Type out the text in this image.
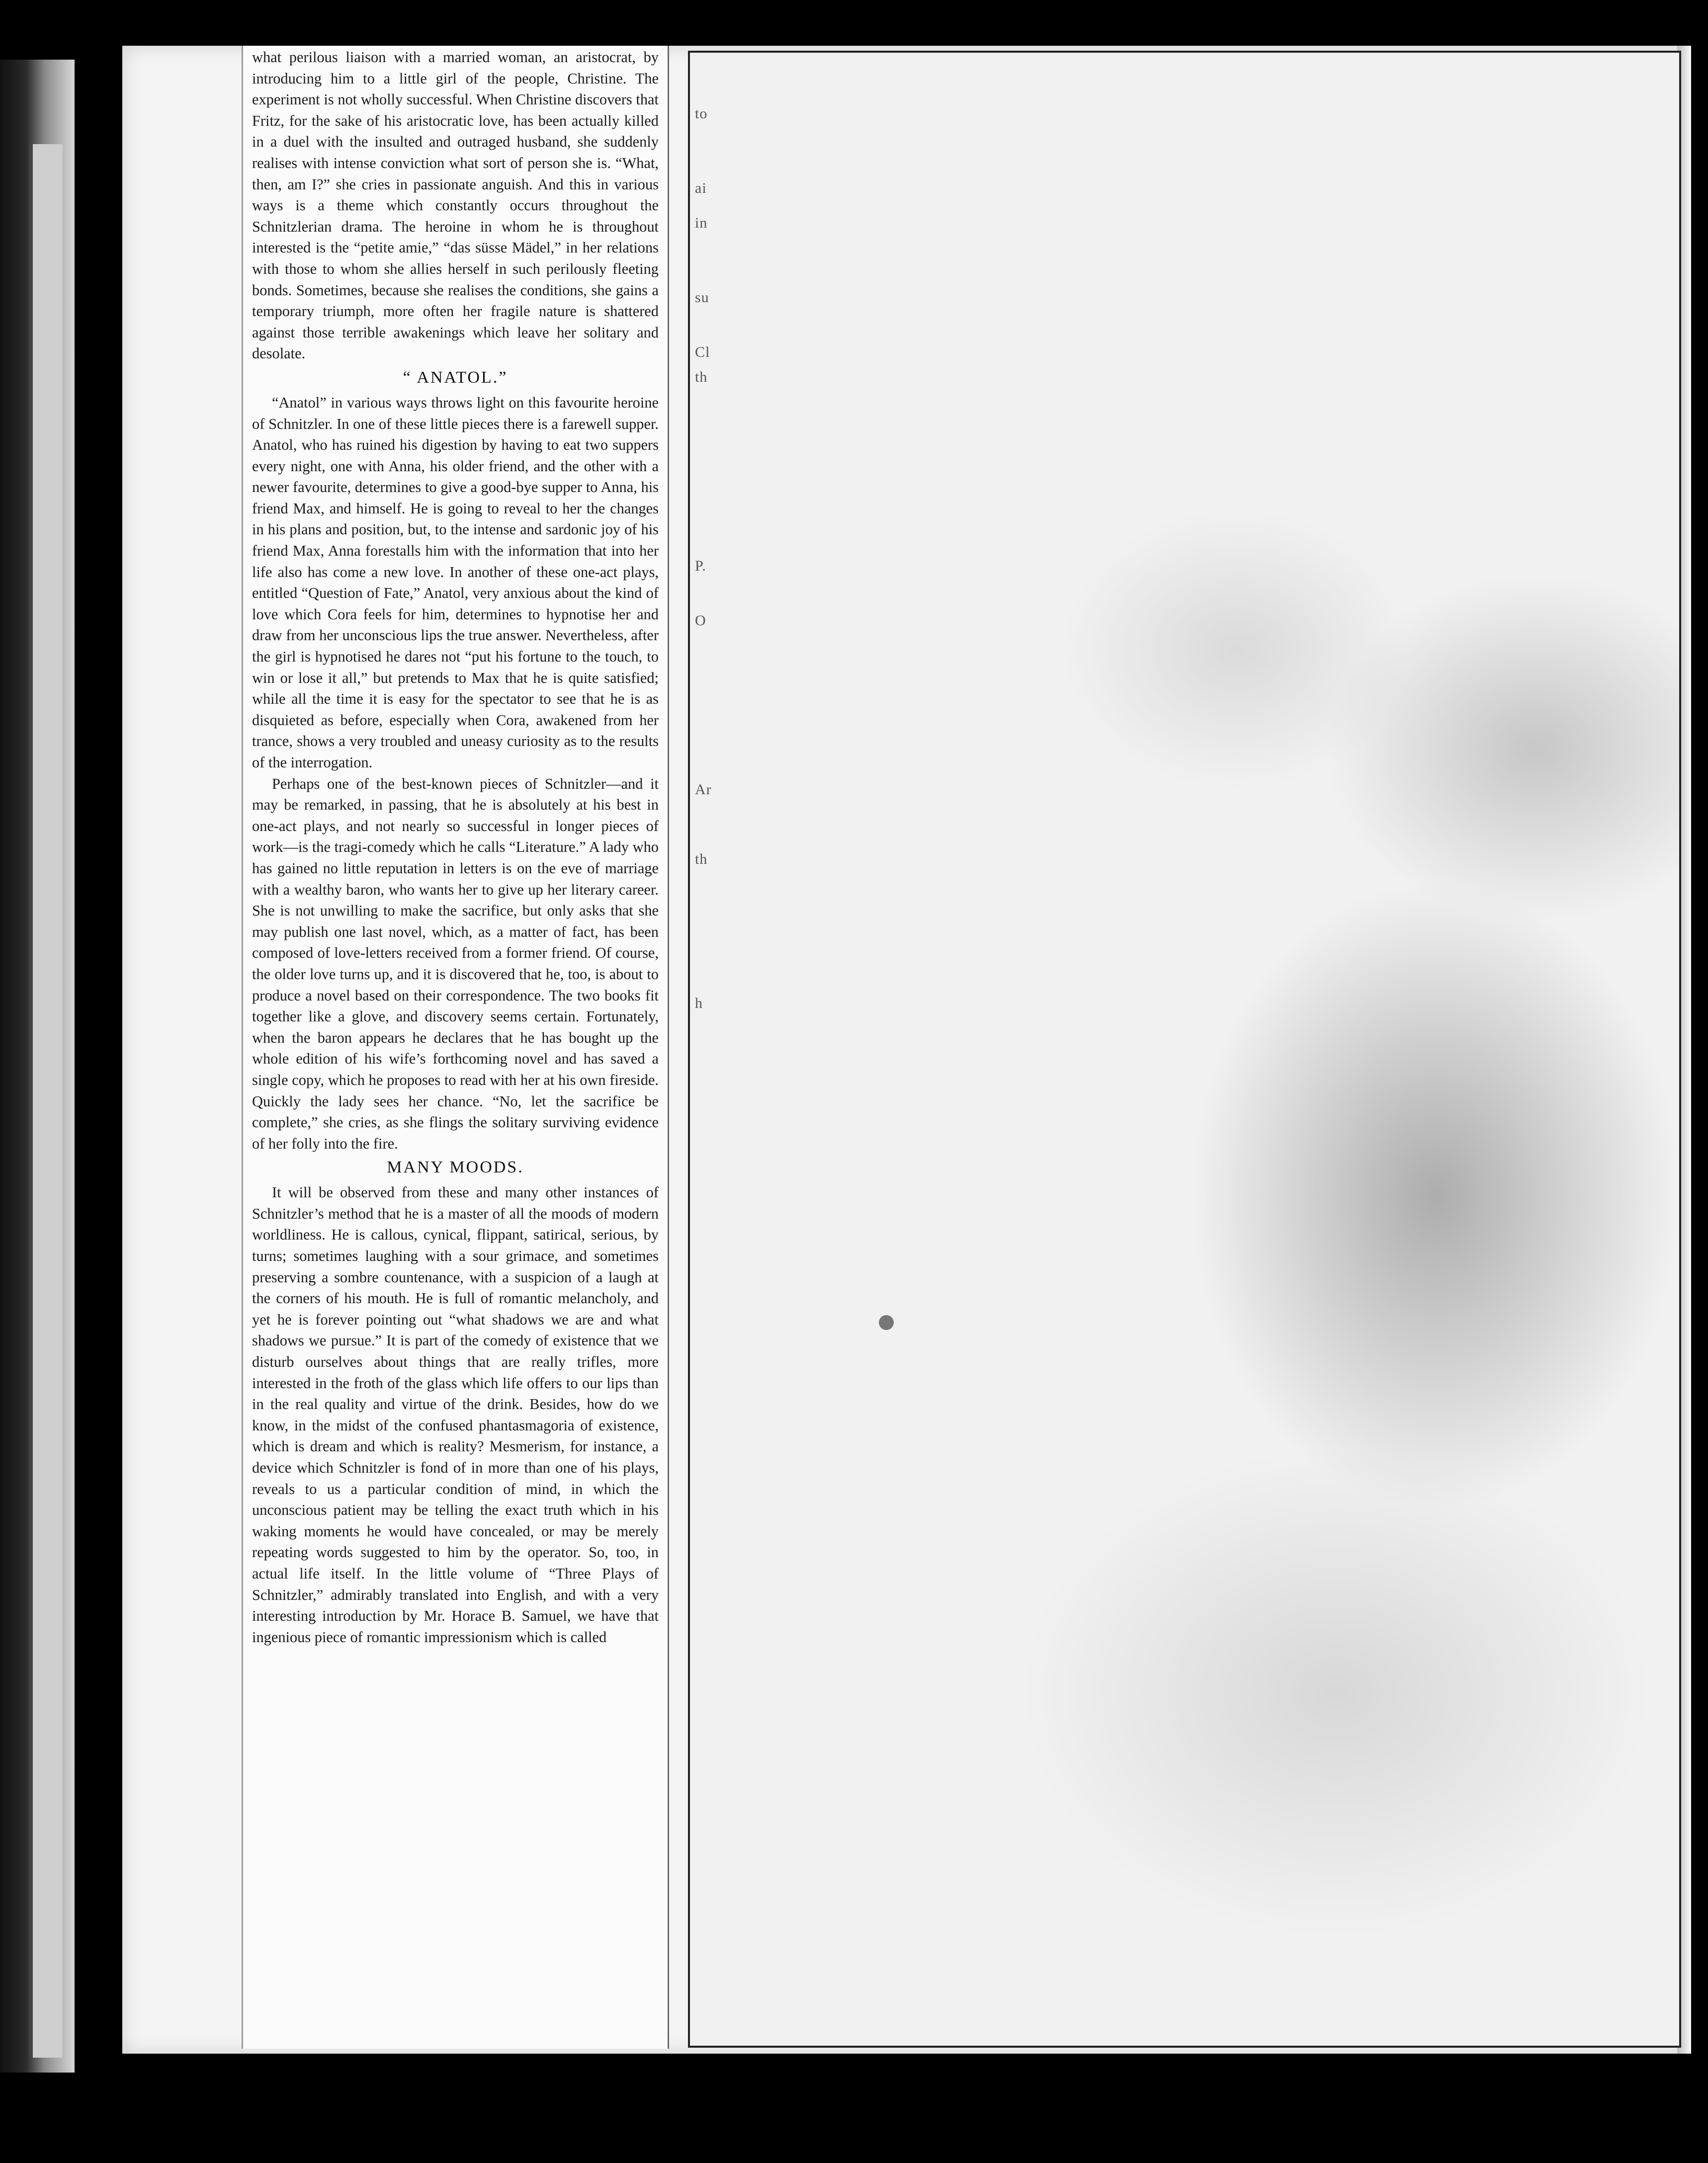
to
ai
in
su
Cl
th
P.
O
Ar
th
h

what perilous liaison with a married woman, an aristocrat, by introducing him to a little girl of the people, Christine. The experiment is not wholly successful. When Christine discovers that Fritz, for the sake of his aristocratic love, has been actually killed in a duel with the insulted and outraged husband, she suddenly realises with intense conviction what sort of person she is. “What, then, am I?” she cries in passionate anguish. And this in various ways is a theme which constantly occurs throughout the Schnitzlerian drama. The heroine in whom he is throughout interested is the “petite amie,” “das süsse Mädel,” in her relations with those to whom she allies herself in such perilously fleeting bonds. Sometimes, because she realises the conditions, she gains a temporary triumph, more often her fragile nature is shattered against those terrible awakenings which leave her solitary and desolate.

“ ANATOL.”

“Anatol” in various ways throws light on this favourite heroine of Schnitzler. In one of these little pieces there is a farewell supper. Anatol, who has ruined his digestion by having to eat two suppers every night, one with Anna, his older friend, and the other with a newer favourite, determines to give a good-bye supper to Anna, his friend Max, and himself. He is going to reveal to her the changes in his plans and position, but, to the intense and sardonic joy of his friend Max, Anna forestalls him with the information that into her life also has come a new love. In another of these one-act plays, entitled “Question of Fate,” Anatol, very anxious about the kind of love which Cora feels for him, determines to hypnotise her and draw from her unconscious lips the true answer. Nevertheless, after the girl is hypnotised he dares not “put his fortune to the touch, to win or lose it all,” but pretends to Max that he is quite satisfied; while all the time it is easy for the spectator to see that he is as disquieted as before, especially when Cora, awakened from her trance, shows a very troubled and uneasy curiosity as to the results of the interrogation.

Perhaps one of the best-known pieces of Schnitzler—and it may be remarked, in passing, that he is absolutely at his best in one-act plays, and not nearly so successful in longer pieces of work—is the tragi-comedy which he calls “Literature.” A lady who has gained no little reputation in letters is on the eve of marriage with a wealthy baron, who wants her to give up her literary career. She is not unwilling to make the sacrifice, but only asks that she may publish one last novel, which, as a matter of fact, has been composed of love-letters received from a former friend. Of course, the older love turns up, and it is discovered that he, too, is about to produce a novel based on their correspondence. The two books fit together like a glove, and discovery seems certain. Fortunately, when the baron appears he declares that he has bought up the whole edition of his wife’s forthcoming novel and has saved a single copy, which he proposes to read with her at his own fireside. Quickly the lady sees her chance. “No, let the sacrifice be complete,” she cries, as she flings the solitary surviving evidence of her folly into the fire.

MANY MOODS.

It will be observed from these and many other instances of Schnitzler’s method that he is a master of all the moods of modern worldliness. He is callous, cynical, flippant, satirical, serious, by turns; sometimes laughing with a sour grimace, and sometimes preserving a sombre countenance, with a suspicion of a laugh at the corners of his mouth. He is full of romantic melancholy, and yet he is forever pointing out “what shadows we are and what shadows we pursue.” It is part of the comedy of existence that we disturb ourselves about things that are really trifles, more interested in the froth of the glass which life offers to our lips than in the real quality and virtue of the drink. Besides, how do we know, in the midst of the confused phantasmagoria of existence, which is dream and which is reality? Mesmerism, for instance, a device which Schnitzler is fond of in more than one of his plays, reveals to us a particular condition of mind, in which the unconscious patient may be telling the exact truth which in his waking moments he would have concealed, or may be merely repeating words suggested to him by the operator. So, too, in actual life itself. In the little volume of “Three Plays of Schnitzler,” admirably translated into English, and with a very interesting introduction by Mr. Horace B. Samuel, we have that ingenious piece of romantic impressionism which is called
